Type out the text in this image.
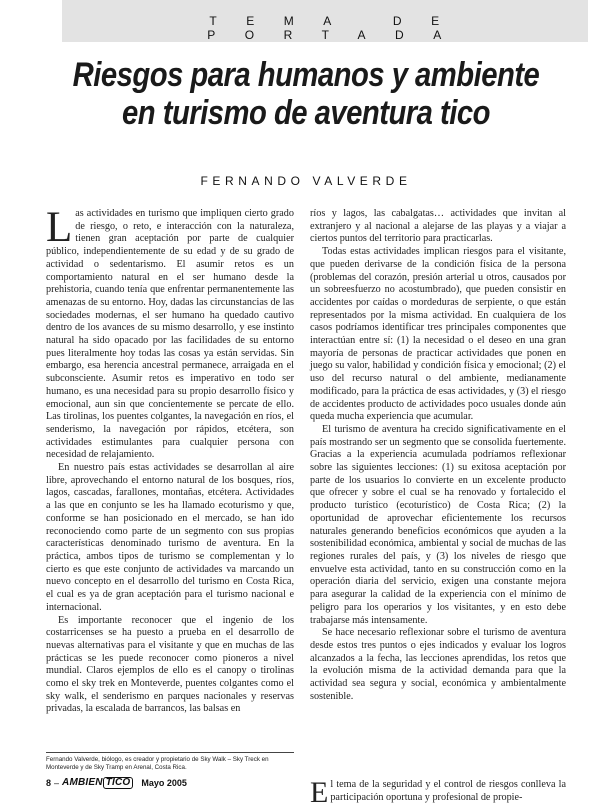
TEMA DE PORTADA
Riesgos para humanos y ambiente
en turismo de aventura tico
FERNANDO VALVERDE

Las actividades en turismo que impliquen cierto grado de riesgo, o reto, e interacción con la naturaleza, tienen gran aceptación por parte de cualquier público, independientemente de su edad y de su grado de actividad o sedentarismo. El asumir retos es un comportamiento natural en el ser humano desde la prehistoria, cuando tenía que enfrentar permanentemente las amenazas de su entorno. Hoy, dadas las circunstancias de las sociedades modernas, el ser humano ha quedado cautivo dentro de los avances de su mismo desarrollo, y ese instinto natural ha sido opacado por las facilidades de su entorno pues literalmente hoy todas las cosas ya están servidas. Sin embargo, esa herencia ancestral permanece, arraigada en el subconsciente. Asumir retos es imperativo en todo ser humano, es una necesidad para su propio desarrollo físico y emocional, aun sin que concientemente se percate de ello. Las tirolinas, los puentes colgantes, la navegación en ríos, el senderismo, la navegación por rápidos, etcétera, son actividades estimulantes para cualquier persona con necesidad de relajamiento.

En nuestro país estas actividades se desarrollan al aire libre, aprovechando el entorno natural de los bosques, ríos, lagos, cascadas, farallones, montañas, etcétera. Actividades a las que en conjunto se les ha llamado ecoturismo y que, conforme se han posicionado en el mercado, se han ido reconociendo como parte de un segmento con sus propias características denominado turismo de aventura. En la práctica, ambos tipos de turismo se complementan y lo cierto es que este conjunto de actividades va marcando un nuevo concepto en el desarrollo del turismo en Costa Rica, el cual es ya de gran aceptación para el turismo nacional e internacional.

Es importante reconocer que el ingenio de los costarricenses se ha puesto a prueba en el desarrollo de nuevas alternativas para el visitante y que en muchas de las prácticas se les puede reconocer como pioneros a nivel mundial. Claros ejemplos de ello es el canopy o tirolinas como el sky trek en Monteverde, puentes colgantes como el sky walk, el senderismo en parques nacionales y reservas privadas, la escalada de barrancos, las balsas en

ríos y lagos, las cabalgatas… actividades que invitan al extranjero y al nacional a alejarse de las playas y a viajar a ciertos puntos del territorio para practicarlas.

Todas estas actividades implican riesgos para el visitante, que pueden derivarse de la condición física de la persona (problemas del corazón, presión arterial u otros, causados por un sobreesfuerzo no acostumbrado), que pueden consistir en accidentes por caídas o mordeduras de serpiente, o que están representados por la misma actividad. En cualquiera de los casos podríamos identificar tres principales componentes que interactúan entre sí: (1) la necesidad o el deseo en una gran mayoría de personas de practicar actividades que ponen en juego su valor, habilidad y condición física y emocional; (2) el uso del recurso natural o del ambiente, medianamente modificado, para la práctica de esas actividades, y (3) el riesgo de accidentes producto de actividades poco usuales donde aún queda mucha experiencia que acumular.

El turismo de aventura ha crecido significativamente en el país mostrando ser un segmento que se consolida fuertemente. Gracias a la experiencia acumulada podríamos reflexionar sobre las siguientes lecciones: (1) su exitosa aceptación por parte de los usuarios lo convierte en un excelente producto que ofrecer y sobre el cual se ha renovado y fortalecido el producto turístico (ecoturístico) de Costa Rica; (2) la oportunidad de aprovechar eficientemente los recursos naturales generando beneficios económicos que ayuden a la sostenibilidad económica, ambiental y social de muchas de las regiones rurales del país, y (3) los niveles de riesgo que envuelve esta actividad, tanto en su construcción como en la operación diaria del servicio, exigen una constante mejora para asegurar la calidad de la experiencia con el mínimo de peligro para los operarios y los visitantes, y en esto debe trabajarse más intensamente.

Se hace necesario reflexionar sobre el turismo de aventura desde estos tres puntos o ejes indicados y evaluar los logros alcanzados a la fecha, las lecciones aprendidas, los retos que la evolución misma de la actividad demanda para que la actividad sea segura y social, económica y ambientalmente sostenible.

El tema de la seguridad y el control de riesgos conlleva la participación oportuna y profesional de propie-

Fernando Valverde, biólogo, es creador y propietario de Sky Walk – Sky Treck en Monteverde y de Sky Tramp en Arenal, Costa Rica.
8 – AMBIEN TICO	Mayo 2005
